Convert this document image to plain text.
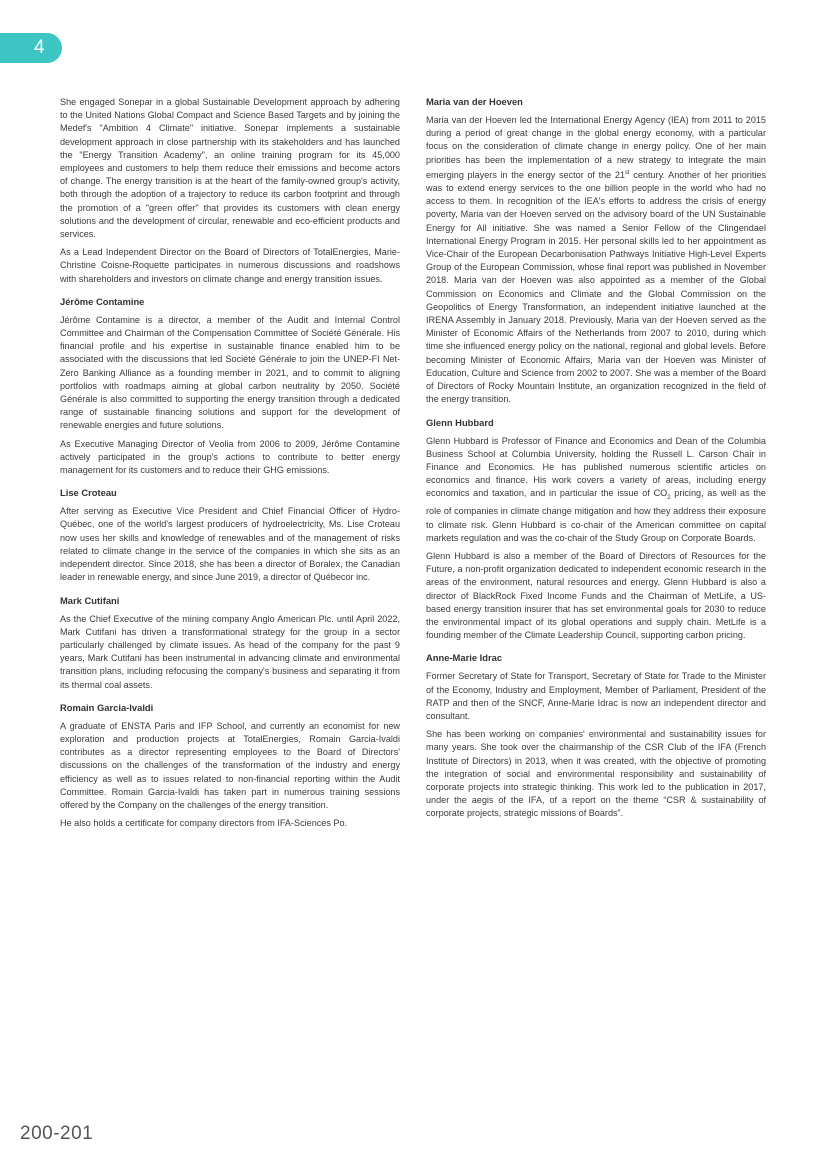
4

She engaged Sonepar in a global Sustainable Development approach by adhering to the United Nations Global Compact and Science Based Targets and by joining the Medef's "Ambition 4 Climate" initiative. Sonepar implements a sustainable development approach in close partnership with its stakeholders and has launched the "Energy Transition Academy", an online training program for its 45,000 employees and customers to help them reduce their emissions and become actors of change. The energy transition is at the heart of the family-owned group's activity, both through the adoption of a trajectory to reduce its carbon footprint and through the promotion of a "green offer" that provides its customers with clean energy solutions and the development of circular, renewable and eco-efficient products and services.

As a Lead Independent Director on the Board of Directors of TotalEnergies, Marie-Christine Coisne-Roquette participates in numerous discussions and roadshows with shareholders and investors on climate change and energy transition issues.

Jérôme Contamine

Jérôme Contamine is a director, a member of the Audit and Internal Control Committee and Chairman of the Compensation Committee of Société Générale. His financial profile and his expertise in sustainable finance enabled him to be associated with the discussions that led Société Générale to join the UNEP-FI Net-Zero Banking Alliance as a founding member in 2021, and to commit to aligning portfolios with roadmaps aiming at global carbon neutrality by 2050. Société Générale is also committed to supporting the energy transition through a dedicated range of sustainable financing solutions and support for the development of renewable energies and future solutions.

As Executive Managing Director of Veolia from 2006 to 2009, Jérôme Contamine actively participated in the group's actions to contribute to better energy management for its customers and to reduce their GHG emissions.

Lise Croteau

After serving as Executive Vice President and Chief Financial Officer of Hydro-Québec, one of the world's largest producers of hydroelectricity, Ms. Lise Croteau now uses her skills and knowledge of renewables and of the management of risks related to climate change in the service of the companies in which she sits as an independent director. Since 2018, she has been a director of Boralex, the Canadian leader in renewable energy, and since June 2019, a director of Québecor inc.

Mark Cutifani

As the Chief Executive of the mining company Anglo American Plc. until April 2022, Mark Cutifani has driven a transformational strategy for the group in a sector particularly challenged by climate issues. As head of the company for the past 9 years, Mark Cutifani has been instrumental in advancing climate and environmental transition plans, including refocusing the company's business and separating it from its thermal coal assets.

Romain Garcia-Ivaldi

A graduate of ENSTA Paris and IFP School, and currently an economist for new exploration and production projects at TotalEnergies, Romain Garcia-Ivaldi contributes as a director representing employees to the Board of Directors' discussions on the challenges of the transformation of the industry and energy efficiency as well as to issues related to non-financial reporting within the Audit Committee. Romain Garcia-Ivaldi has taken part in numerous training sessions offered by the Company on the challenges of the energy transition.

He also holds a certificate for company directors from IFA-Sciences Po.

Maria van der Hoeven

Maria van der Hoeven led the International Energy Agency (IEA) from 2011 to 2015 during a period of great change in the global energy economy, with a particular focus on the consideration of climate change in energy policy. One of her main priorities has been the implementation of a new strategy to integrate the main emerging players in the energy sector of the 21st century. Another of her priorities was to extend energy services to the one billion people in the world who had no access to them. In recognition of the IEA's efforts to address the crisis of energy poverty, Maria van der Hoeven served on the advisory board of the UN Sustainable Energy for All initiative. She was named a Senior Fellow of the Clingendael International Energy Program in 2015. Her personal skills led to her appointment as Vice-Chair of the European Decarbonisation Pathways Initiative High-Level Experts Group of the European Commission, whose final report was published in November 2018. Maria van der Hoeven was also appointed as a member of the Global Commission on Economics and Climate and the Global Commission on the Geopolitics of Energy Transformation, an independent initiative launched at the IRENA Assembly in January 2018. Previously, Maria van der Hoeven served as the Minister of Economic Affairs of the Netherlands from 2007 to 2010, during which time she influenced energy policy on the national, regional and global levels. Before becoming Minister of Economic Affairs, Maria van der Hoeven was Minister of Education, Culture and Science from 2002 to 2007. She was a member of the Board of Directors of Rocky Mountain Institute, an organization recognized in the field of the energy transition.

Glenn Hubbard

Glenn Hubbard is Professor of Finance and Economics and Dean of the Columbia Business School at Columbia University, holding the Russell L. Carson Chair in Finance and Economics. He has published numerous scientific articles on economics and finance. His work covers a variety of areas, including energy economics and taxation, and in particular the issue of $CO_2$ pricing, as well as the role of companies in climate change mitigation and how they address their exposure to climate risk. Glenn Hubbard is co-chair of the American committee on capital markets regulation and was the co-chair of the Study Group on Corporate Boards.

Glenn Hubbard is also a member of the Board of Directors of Resources for the Future, a non-profit organization dedicated to independent economic research in the areas of the environment, natural resources and energy. Glenn Hubbard is also a director of BlackRock Fixed Income Funds and the Chairman of MetLife, a US-based energy transition insurer that has set environmental goals for 2030 to reduce the environmental impact of its global operations and supply chain. MetLife is a founding member of the Climate Leadership Council, supporting carbon pricing.

Anne-Marie Idrac

Former Secretary of State for Transport, Secretary of State for Trade to the Minister of the Economy, Industry and Employment, Member of Parliament, President of the RATP and then of the SNCF, Anne-Marie Idrac is now an independent director and consultant.

She has been working on companies' environmental and sustainability issues for many years. She took over the chairmanship of the CSR Club of the IFA (French Institute of Directors) in 2013, when it was created, with the objective of promoting the integration of social and environmental responsibility and sustainability of corporate projects into strategic thinking. This work led to the publication in 2017, under the aegis of the IFA, of a report on the theme “CSR & sustainability of corporate projects, strategic missions of Boards”.

200-201
